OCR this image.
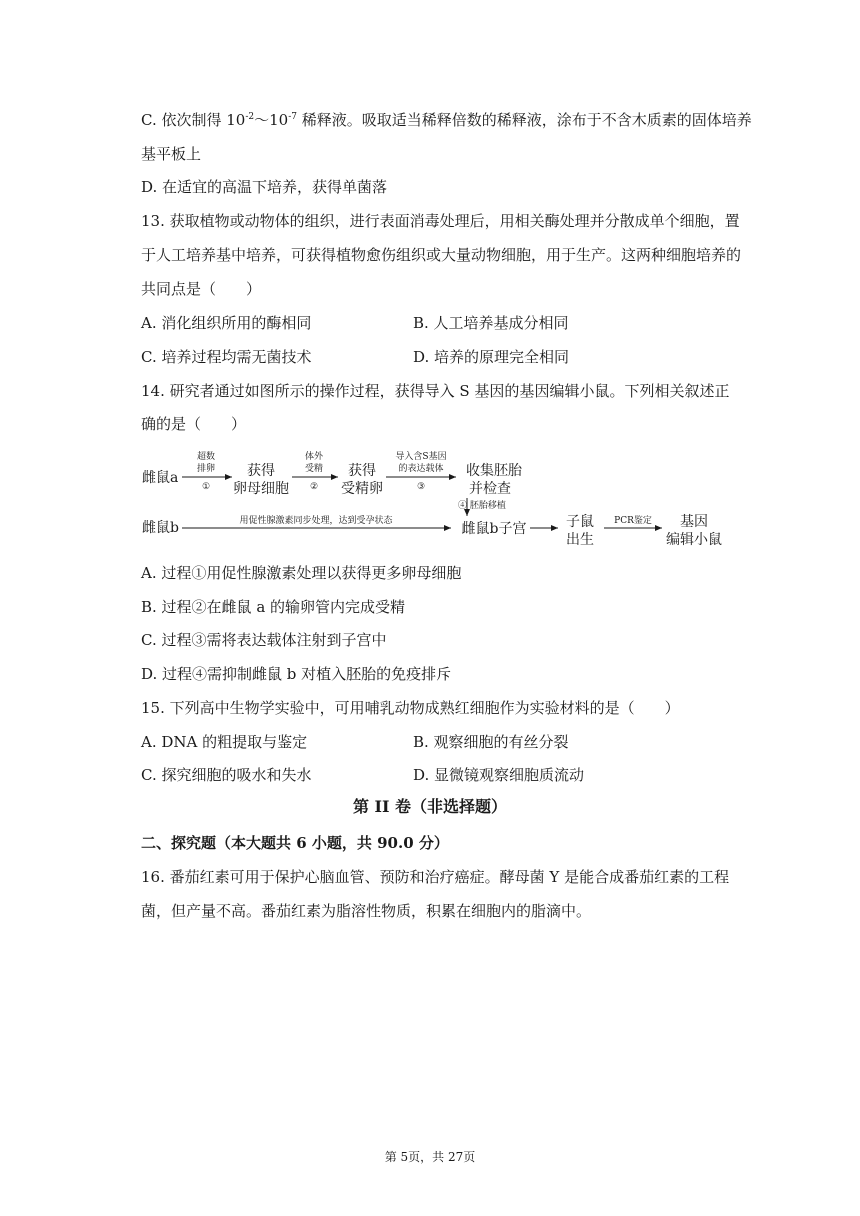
C. 依次制得 $10^{-2}\sim 10^{-7}$ 稀释液。吸取适当稀释倍数的稀释液，涂布于不含木质素的固体培养
基平板上
D. 在适宜的高温下培养，获得单菌落
13. 获取植物或动物体的组织，进行表面消毒处理后，用相关酶处理并分散成单个细胞，置
于人工培养基中培养，可获得植物愈伤组织或大量动物细胞，用于生产。这两种细胞培养的
共同点是（　　）
A. 消化组织所用的酶相同	B. 人工培养基成分相同
C. 培养过程均需无菌技术	D. 培养的原理完全相同
14. 研究者通过如图所示的操作过程，获得导入 S 基因的基因编辑小鼠。下列相关叙述正
确的是（　　）
雌鼠a
超数
排卵
①
获得
卵母细胞
体外
受精
②
获得
受精卵
导入含S基因
的表达载体
③
收集胚胎
并检查
④ 胚胎移植
雌鼠b	用促性腺激素同步处理，达到受孕状态	雌鼠b子宫	子鼠
出生
PCR鉴定 基因
编辑小鼠
A. 过程①用促性腺激素处理以获得更多卵母细胞
B. 过程②在雌鼠 a 的输卵管内完成受精
C. 过程③需将表达载体注射到子宫中
D. 过程④需抑制雌鼠 b 对植入胚胎的免疫排斥
15. 下列高中生物学实验中，可用哺乳动物成熟红细胞作为实验材料的是（　　）
A. DNA 的粗提取与鉴定	B. 观察细胞的有丝分裂
C. 探究细胞的吸水和失水	D. 显微镜观察细胞质流动
第 II 卷（非选择题）
二、探究题（本大题共 6 小题，共 90.0 分）
16. 番茄红素可用于保护心脑血管、预防和治疗癌症。酵母菌 Y 是能合成番茄红素的工程
菌，但产量不高。番茄红素为脂溶性物质，积累在细胞内的脂滴中。
第 5页，共 27页
